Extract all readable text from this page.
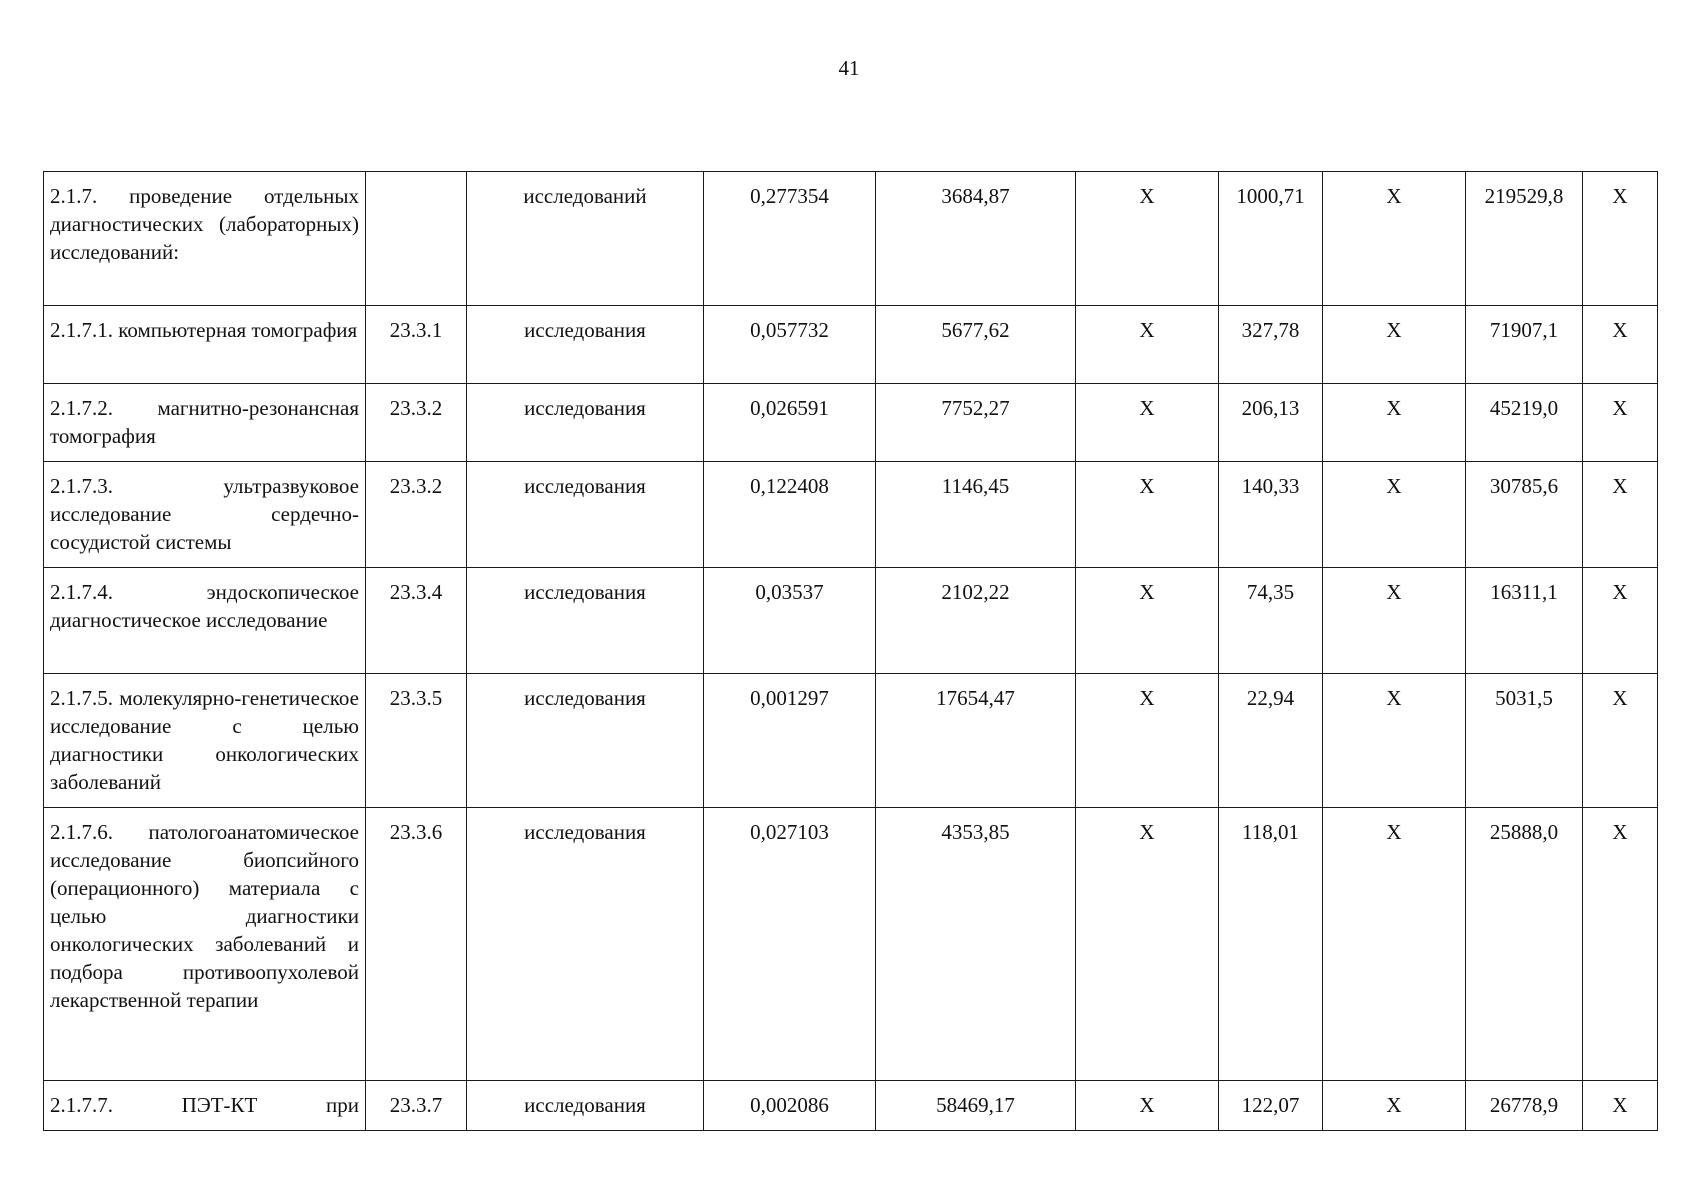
41
2.1.7. проведение отдельных диагностических (лабораторных) исследований:		исследований	0,277354	3684,87	X	1000,71	X	219529,8	X
2.1.7.1. компьютерная томография	23.3.1	исследования	0,057732	5677,62	X	327,78	X	71907,1	X
2.1.7.2. магнитно-резонансная томография	23.3.2	исследования	0,026591	7752,27	X	206,13	X	45219,0	X
2.1.7.3. ультразвуковое исследование сердечно-сосудистой системы	23.3.2	исследования	0,122408	1146,45	X	140,33	X	30785,6	X
2.1.7.4. эндоскопическое диагностическое исследование	23.3.4	исследования	0,03537	2102,22	X	74,35	X	16311,1	X
2.1.7.5. молекулярно-генетическое исследование с целью диагностики онкологических заболеваний	23.3.5	исследования	0,001297	17654,47	X	22,94	X	5031,5	X
2.1.7.6. патологоанатомическое исследование биопсийного (операционного) материала с целью диагностики онкологических заболеваний и подбора противоопухолевой лекарственной терапии	23.3.6	исследования	0,027103	4353,85	X	118,01	X	25888,0	X
2.1.7.7. ПЭТ-КТ при	23.3.7	исследования	0,002086	58469,17	X	122,07	X	26778,9	X
